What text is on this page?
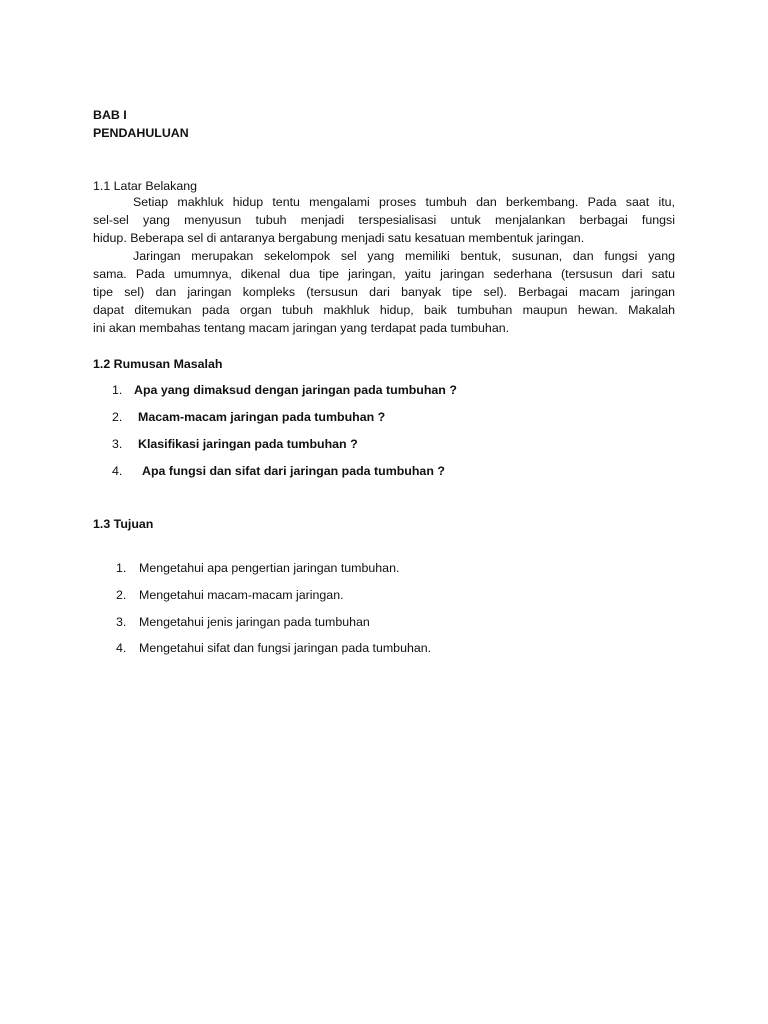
BAB I
PENDAHULUAN
1.1 Latar Belakang
Setiap makhluk hidup tentu mengalami proses tumbuh dan berkembang. Pada saat itu,
sel-sel yang menyusun tubuh menjadi terspesialisasi untuk menjalankan berbagai fungsi
hidup. Beberapa sel di antaranya bergabung menjadi satu kesatuan membentuk jaringan.
Jaringan merupakan sekelompok sel yang memiliki bentuk, susunan, dan fungsi yang
sama. Pada umumnya, dikenal dua tipe jaringan, yaitu jaringan sederhana (tersusun dari satu
tipe sel) dan jaringan kompleks (tersusun dari banyak tipe sel). Berbagai macam jaringan
dapat ditemukan pada organ tubuh makhluk hidup, baik tumbuhan maupun hewan. Makalah
ini akan membahas tentang macam jaringan yang terdapat pada tumbuhan.
1.2 Rumusan Masalah
1. Apa yang dimaksud dengan jaringan pada tumbuhan ?
2. Macam-macam jaringan pada tumbuhan ?
3. Klasifikasi jaringan pada tumbuhan ?
4. Apa fungsi dan sifat dari jaringan pada tumbuhan ?
1.3 Tujuan
1. Mengetahui apa pengertian jaringan tumbuhan.
2. Mengetahui macam-macam jaringan.
3. Mengetahui jenis jaringan pada tumbuhan
4. Mengetahui sifat dan fungsi jaringan pada tumbuhan.
